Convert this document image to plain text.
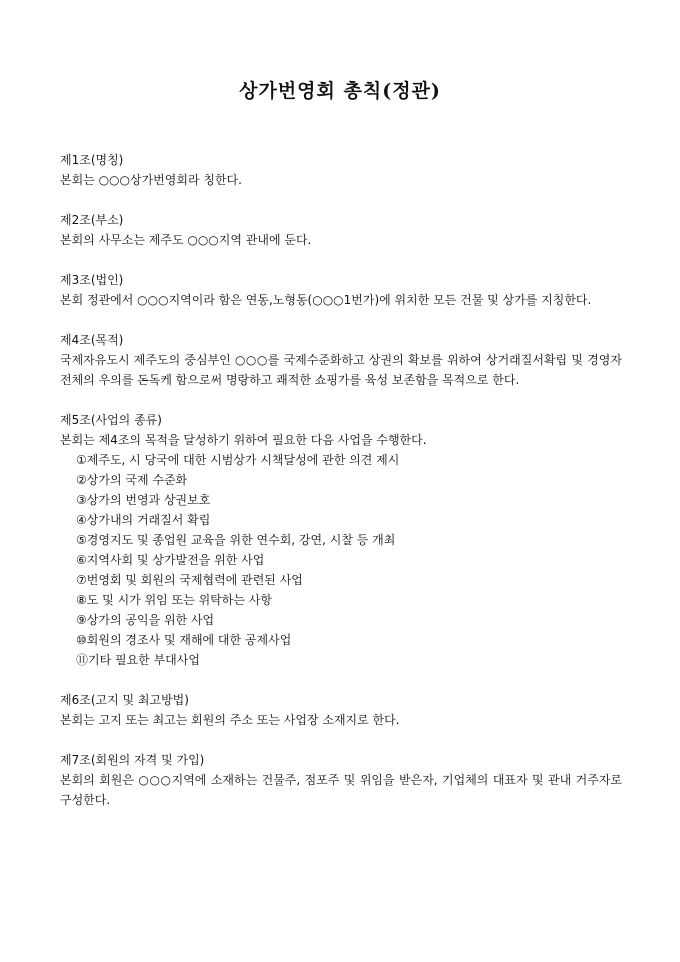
상가번영회 총칙(정관)
제1조(명칭)
본회는 ○○○상가번영회라 칭한다.
제2조(부소)
본회의 사무소는 제주도 ○○○지역 관내에 둔다.
제3조(법인)
본회 정관에서 ○○○지역이라 함은 연동,노형동(○○○1번가)에 위치한 모든 건물 및 상가를 지칭한다.
제4조(목적)
국제자유도시 제주도의 중심부인 ○○○를 국제수준화하고 상권의 확보를 위하여 상거래질서확립 및 경영자 전체의 우의를 돈독케 함으로써 명랑하고 쾌적한 쇼핑가를 육성 보존함을 목적으로 한다.
제5조(사업의 종류)
본회는 제4조의 목적을 달성하기 위하여 필요한 다음 사업을 수행한다.
①제주도, 시 당국에 대한 시범상가 시책달성에 관한 의견 제시
②상가의 국제 수준화
③상가의 번영과 상권보호
④상가내의 거래질서 확립
⑤경영지도 및 종업원 교육을 위한 연수회, 강연, 시찰 등 개최
⑥지역사회 및 상가발전을 위한 사업
⑦번영회 및 회원의 국제협력에 관련된 사업
⑧도 및 시가 위임 또는 위탁하는 사항
⑨상가의 공익을 위한 사업
⑩회원의 경조사 및 재해에 대한 공제사업
⑪기타 필요한 부대사업
제6조(고지 및 최고방법)
본회는 고지 또는 최고는 회원의 주소 또는 사업장 소재지로 한다.
제7조(회원의 자격 및 가입)
본회의 회원은 ○○○지역에 소재하는 건물주, 점포주 및 위임을 받은자, 기업체의 대표자 및 관내 거주자로 구성한다.
